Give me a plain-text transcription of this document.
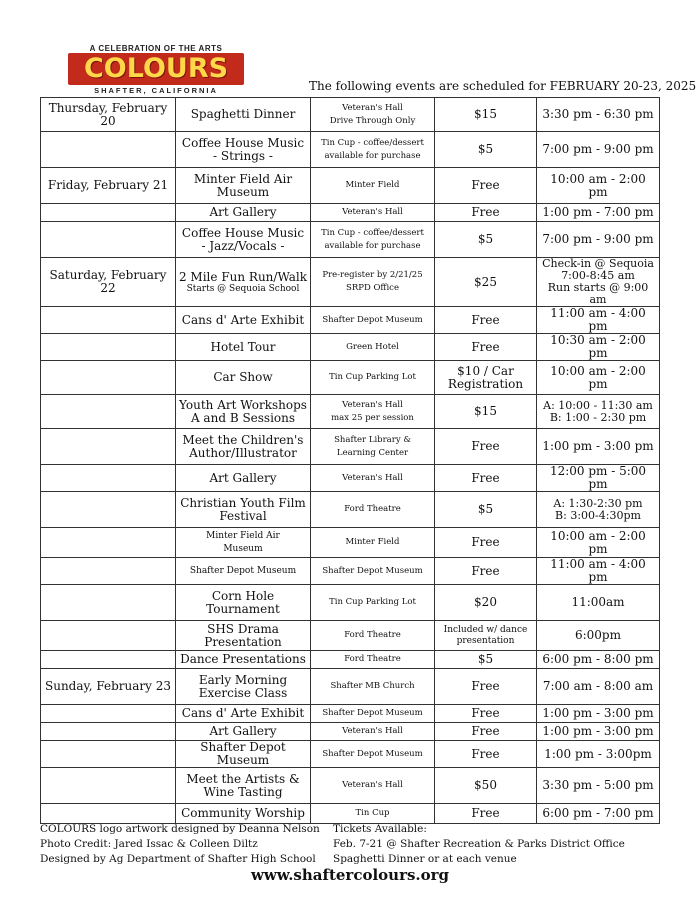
A CELEBRATION OF THE ARTS
COLOURS
SHAFTER, CALIFORNIA	The following events are scheduled for FEBRUARY 20-23, 2025
Thursday, February 20	Spaghetti Dinner	Veteran's Hall
Drive Through Only	$15	3:30 pm - 6:30 pm

	Coffee House Music
- Strings -	Tin Cup - coffee/dessert
available for purchase	$5	7:00 pm - 9:00 pm

Friday, February 21	Minter Field Air
Museum	Minter Field	Free	10:00 am - 2:00 pm

	Art Gallery	Veteran's Hall	Free	1:00 pm - 7:00 pm

	Coffee House Music
- Jazz/Vocals -	Tin Cup - coffee/dessert
available for purchase	$5	7:00 pm - 9:00 pm

Saturday, February 22	2 Mile Fun Run/Walk
Starts @ Sequoia School	Pre-register by 2/21/25
SRPD Office	$25	Check-in @ Sequoia
7:00-8:45 am
Run starts @ 9:00 am

	Cans d' Arte Exhibit	Shafter Depot Museum	Free	11:00 am - 4:00 pm

	Hotel Tour	Green Hotel	Free	10:30 am - 2:00 pm

	Car Show	Tin Cup Parking Lot	$10 / Car
Registration	10:00 am - 2:00 pm

	Youth Art Workshops
A and B Sessions	Veteran's Hall
max 25 per session	$15	A: 10:00 - 11:30 am
B: 1:00 - 2:30 pm

	Meet the Children's
Author/Illustrator	Shafter Library &
Learning Center	Free	1:00 pm - 3:00 pm

	Art Gallery	Veteran's Hall	Free	12:00 pm - 5:00 pm

	Christian Youth Film
Festival	Ford Theatre	$5	A: 1:30-2:30 pm
B: 3:00-4:30pm

	Minter Field Air
Museum	Minter Field	Free	10:00 am - 2:00 pm

	Shafter Depot Museum	Shafter Depot Museum	Free	11:00 am - 4:00 pm

	Corn Hole
Tournament	Tin Cup Parking Lot	$20	11:00am

	SHS Drama Presentation	Ford Theatre	Included w/ dance
presentation	6:00pm

	Dance Presentations	Ford Theatre	$5	6:00 pm - 8:00 pm

Sunday, February 23	Early Morning
Exercise Class	Shafter MB Church	Free	7:00 am - 8:00 am

	Cans d' Arte Exhibit	Shafter Depot Museum	Free	1:00 pm - 3:00 pm

	Art Gallery	Veteran's Hall	Free	1:00 pm - 3:00 pm

	Shafter Depot Museum	Shafter Depot Museum	Free	1:00 pm - 3:00pm

	Meet the Artists &
Wine Tasting	Veteran's Hall	$50	3:30 pm - 5:00 pm

	Community Worship	Tin Cup	Free	6:00 pm - 7:00 pm
COLOURS logo artwork designed by Deanna Nelson
Photo Credit: Jared Issac & Colleen Diltz
Designed by Ag Department of Shafter High School
Tickets Available:
Feb. 7-21 @ Shafter Recreation & Parks District Office
Spaghetti Dinner or at each venue
www.shaftercolours.org
